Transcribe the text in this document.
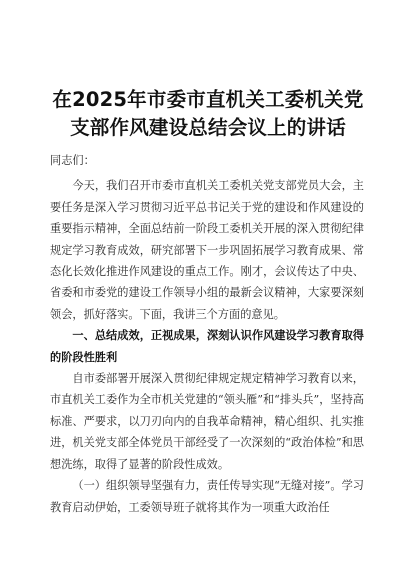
在2025年市委市直机关工委机关党支部作风建设总结会议上的讲话

同志们：

今天，我们召开市委市直机关工委机关党支部党员大会，主要任务是深入学习贯彻习近平总书记关于党的建设和作风建设的重要指示精神，全面总结前一阶段工委机关开展的深入贯彻纪律规定学习教育成效，研究部署下一步巩固拓展学习教育成果、常态化长效化推进作风建设的重点工作。刚才，会议传达了中央、省委和市委党的建设工作领导小组的最新会议精神，大家要深刻领会，抓好落实。下面，我讲三个方面的意见。

一、总结成效，正视成果，深刻认识作风建设学习教育取得的阶段性胜利

自市委部署开展深入贯彻纪律规定规定精神学习教育以来，市直机关工委作为全市机关党建的“领头雁”和“排头兵”，坚持高标准、严要求，以刀刃向内的自我革命精神，精心组织、扎实推进，机关党支部全体党员干部经受了一次深刻的“政治体检”和思想洗练，取得了显著的阶段性成效。

（一）组织领导坚强有力，责任传导实现“无缝对接”。学习教育启动伊始，工委领导班子就将其作为一项重大政治任
